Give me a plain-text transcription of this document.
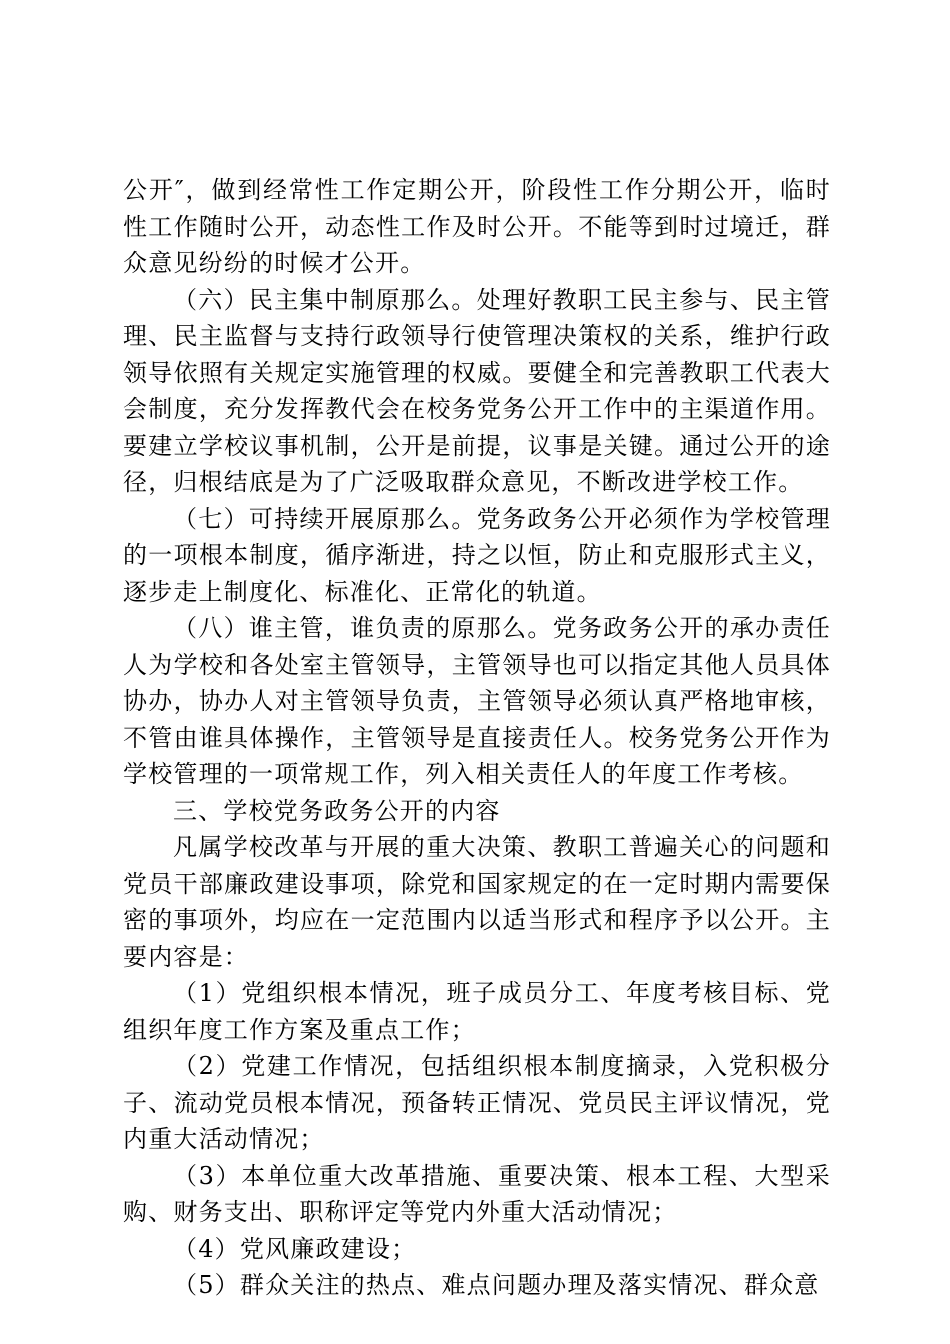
公开″，做到经常性工作定期公开，阶段性工作分期公开，临时性工作随时公开，动态性工作及时公开。不能等到时过境迁，群众意见纷纷的时候才公开。

（六）民主集中制原那么。处理好教职工民主参与、民主管理、民主监督与支持行政领导行使管理决策权的关系，维护行政领导依照有关规定实施管理的权威。要健全和完善教职工代表大会制度，充分发挥教代会在校务党务公开工作中的主渠道作用。要建立学校议事机制，公开是前提，议事是关键。通过公开的途径，归根结底是为了广泛吸取群众意见，不断改进学校工作。

（七）可持续开展原那么。党务政务公开必须作为学校管理的一项根本制度，循序渐进，持之以恒，防止和克服形式主义，逐步走上制度化、标准化、正常化的轨道。

（八）谁主管，谁负责的原那么。党务政务公开的承办责任人为学校和各处室主管领导，主管领导也可以指定其他人员具体协办，协办人对主管领导负责，主管领导必须认真严格地审核，不管由谁具体操作，主管领导是直接责任人。校务党务公开作为学校管理的一项常规工作，列入相关责任人的年度工作考核。

三、学校党务政务公开的内容

凡属学校改革与开展的重大决策、教职工普遍关心的问题和党员干部廉政建设事项，除党和国家规定的在一定时期内需要保密的事项外，均应在一定范围内以适当形式和程序予以公开。主要内容是：

（1）党组织根本情况，班子成员分工、年度考核目标、党组织年度工作方案及重点工作；

（2）党建工作情况，包括组织根本制度摘录，入党积极分子、流动党员根本情况，预备转正情况、党员民主评议情况，党内重大活动情况；

（3）本单位重大改革措施、重要决策、根本工程、大型采购、财务支出、职称评定等党内外重大活动情况；

（4）党风廉政建设；

（5）群众关注的热点、难点问题办理及落实情况、群众意
